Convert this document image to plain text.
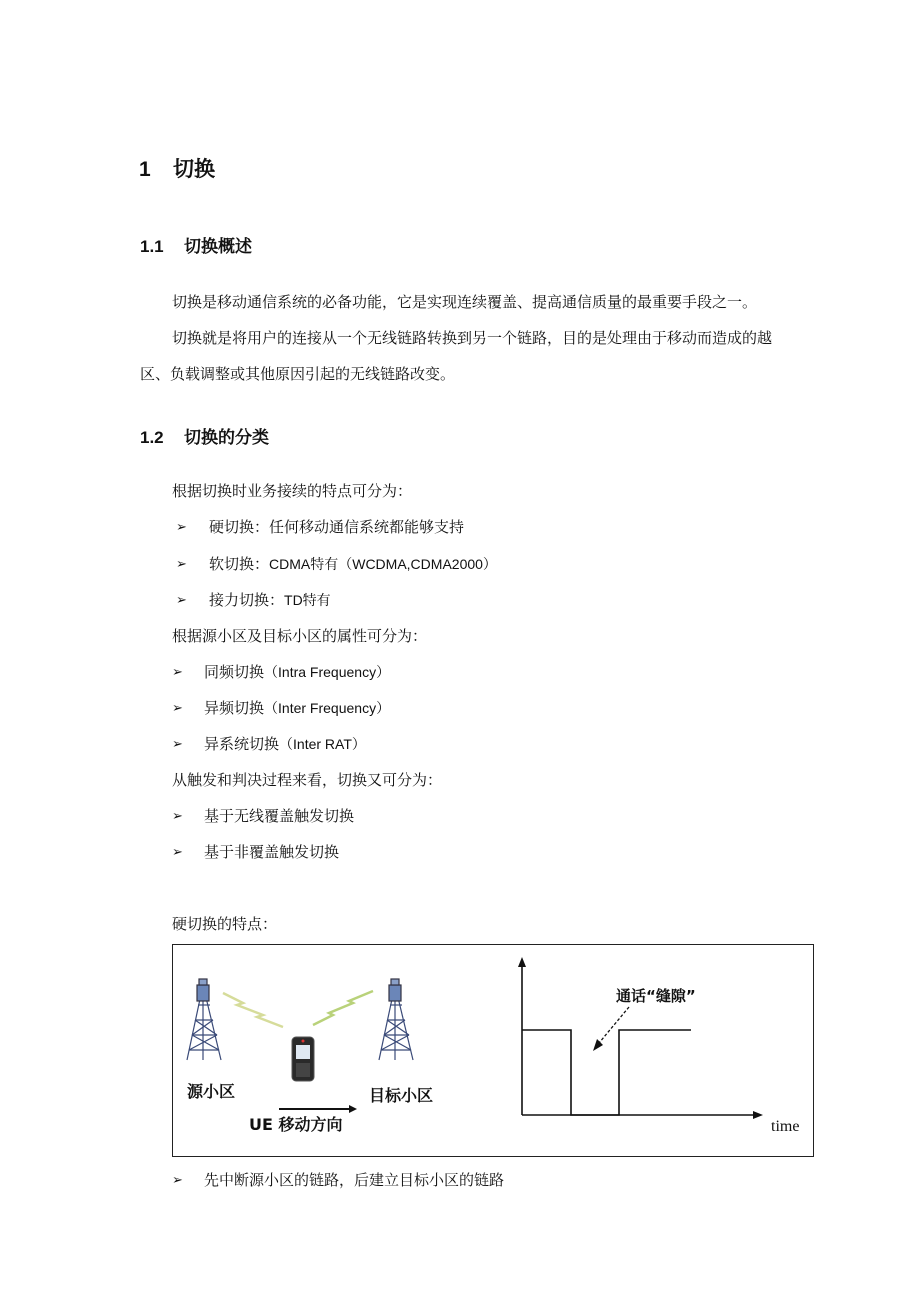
1 切换
1.1 切换概述
切换是移动通信系统的必备功能，它是实现连续覆盖、提高通信质量的最重要手段之一。
切换就是将用户的连接从一个无线链路转换到另一个链路，目的是处理由于移动而造成的越区、负载调整或其他原因引起的无线链路改变。
1.2 切换的分类
根据切换时业务接续的特点可分为：
➢ 硬切换：任何移动通信系统都能够支持
➢ 软切换：CDMA特有（WCDMA,CDMA2000）
➢ 接力切换：TD特有
根据源小区及目标小区的属性可分为：
➢ 同频切换（Intra Frequency）
➢ 异频切换（Inter Frequency）
➢ 异系统切换（Inter RAT）
从触发和判决过程来看，切换又可分为：
➢ 基于无线覆盖触发切换
➢ 基于非覆盖触发切换
硬切换的特点：
源小区	目标小区
UE 移动方向
通话“缝隙”
time
➢ 先中断源小区的链路，后建立目标小区的链路
